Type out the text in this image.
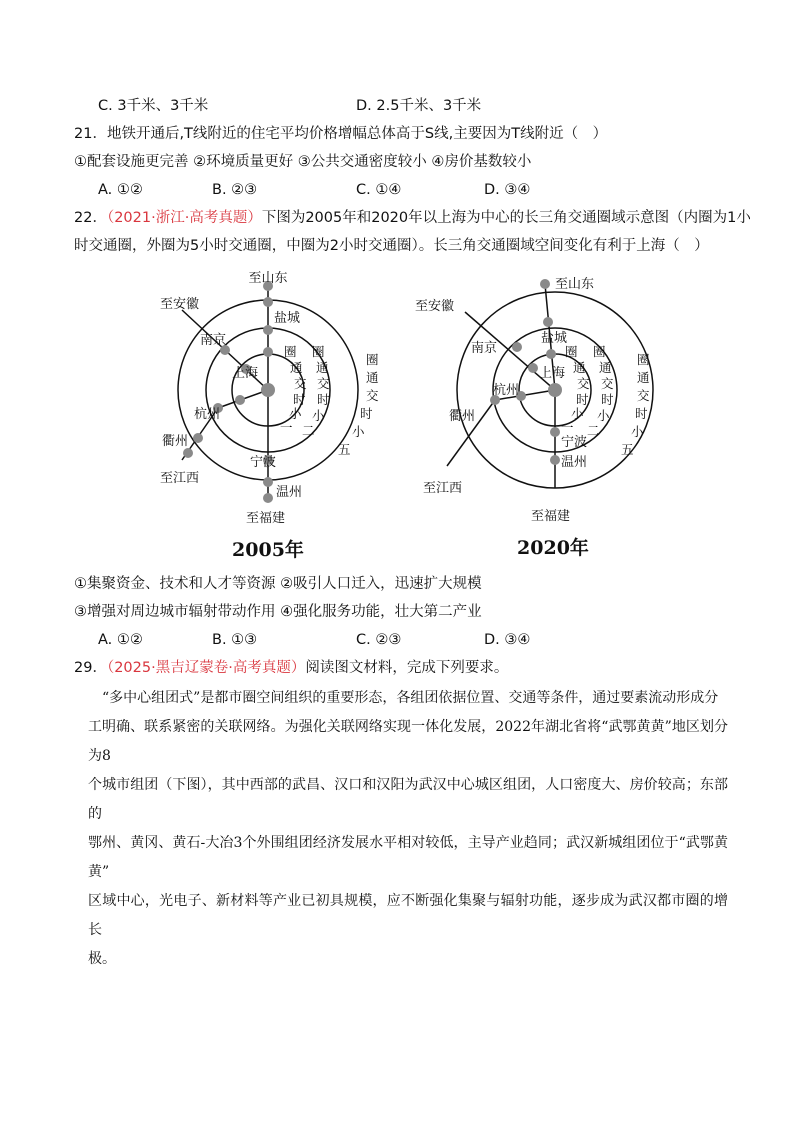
C. 3千米、3千米	D. 2.5千米、3千米
21．地铁开通后,T线附近的住宅平均价格增幅总体高于S线,主要因为T线附近（　）
①配套设施更完善 ②环境质量更好 ③公共交通密度较小 ④房价基数较小
A. ①②	B. ②③	C. ①④	D. ③④
22．（2021·浙江·高考真题）下图为2005年和2020年以上海为中心的长三角交通圈域示意图（内圈为1小
时交通圈，外圈为5小时交通圈，中圈为2小时交通圈）。长三角交通圈域空间变化有利于上海（　）
至山东
至安徽
盐城
南京
上海
杭州
衢州
至江西
宁波
温州
至福建
圈
通
交
时
小
一
圈
通
交
时
小
二
圈
通
交
时
小
五
2005年
至山东
至安徽
盐城
南京
上海
杭州
衢州
至江西
宁波
温州
至福建
圈
通
交
时
小
一
圈
通
交
时
小
二
圈
通
交
时
小
五
2020年
①集聚资金、技术和人才等资源 ②吸引人口迁入，迅速扩大规模
③增强对周边城市辐射带动作用 ④强化服务功能，壮大第二产业
A. ①②	B. ①③	C. ②③	D. ③④
29．（2025·黑吉辽蒙卷·高考真题）阅读图文材料，完成下列要求。

“多中心组团式”是都市圈空间组织的重要形态，各组团依据位置、交通等条件，通过要素流动形成分

工明确、联系紧密的关联网络。为强化关联网络实现一体化发展，2022年湖北省将“武鄂黄黄”地区划分为8

个城市组团（下图），其中西部的武昌、汉口和汉阳为武汉中心城区组团，人口密度大、房价较高；东部的

鄂州、黄冈、黄石-大冶3个外围组团经济发展水平相对较低，主导产业趋同；武汉新城组团位于“武鄂黄黄”

区域中心，光电子、新材料等产业已初具规模，应不断强化集聚与辐射功能，逐步成为武汉都市圈的增长

极。
